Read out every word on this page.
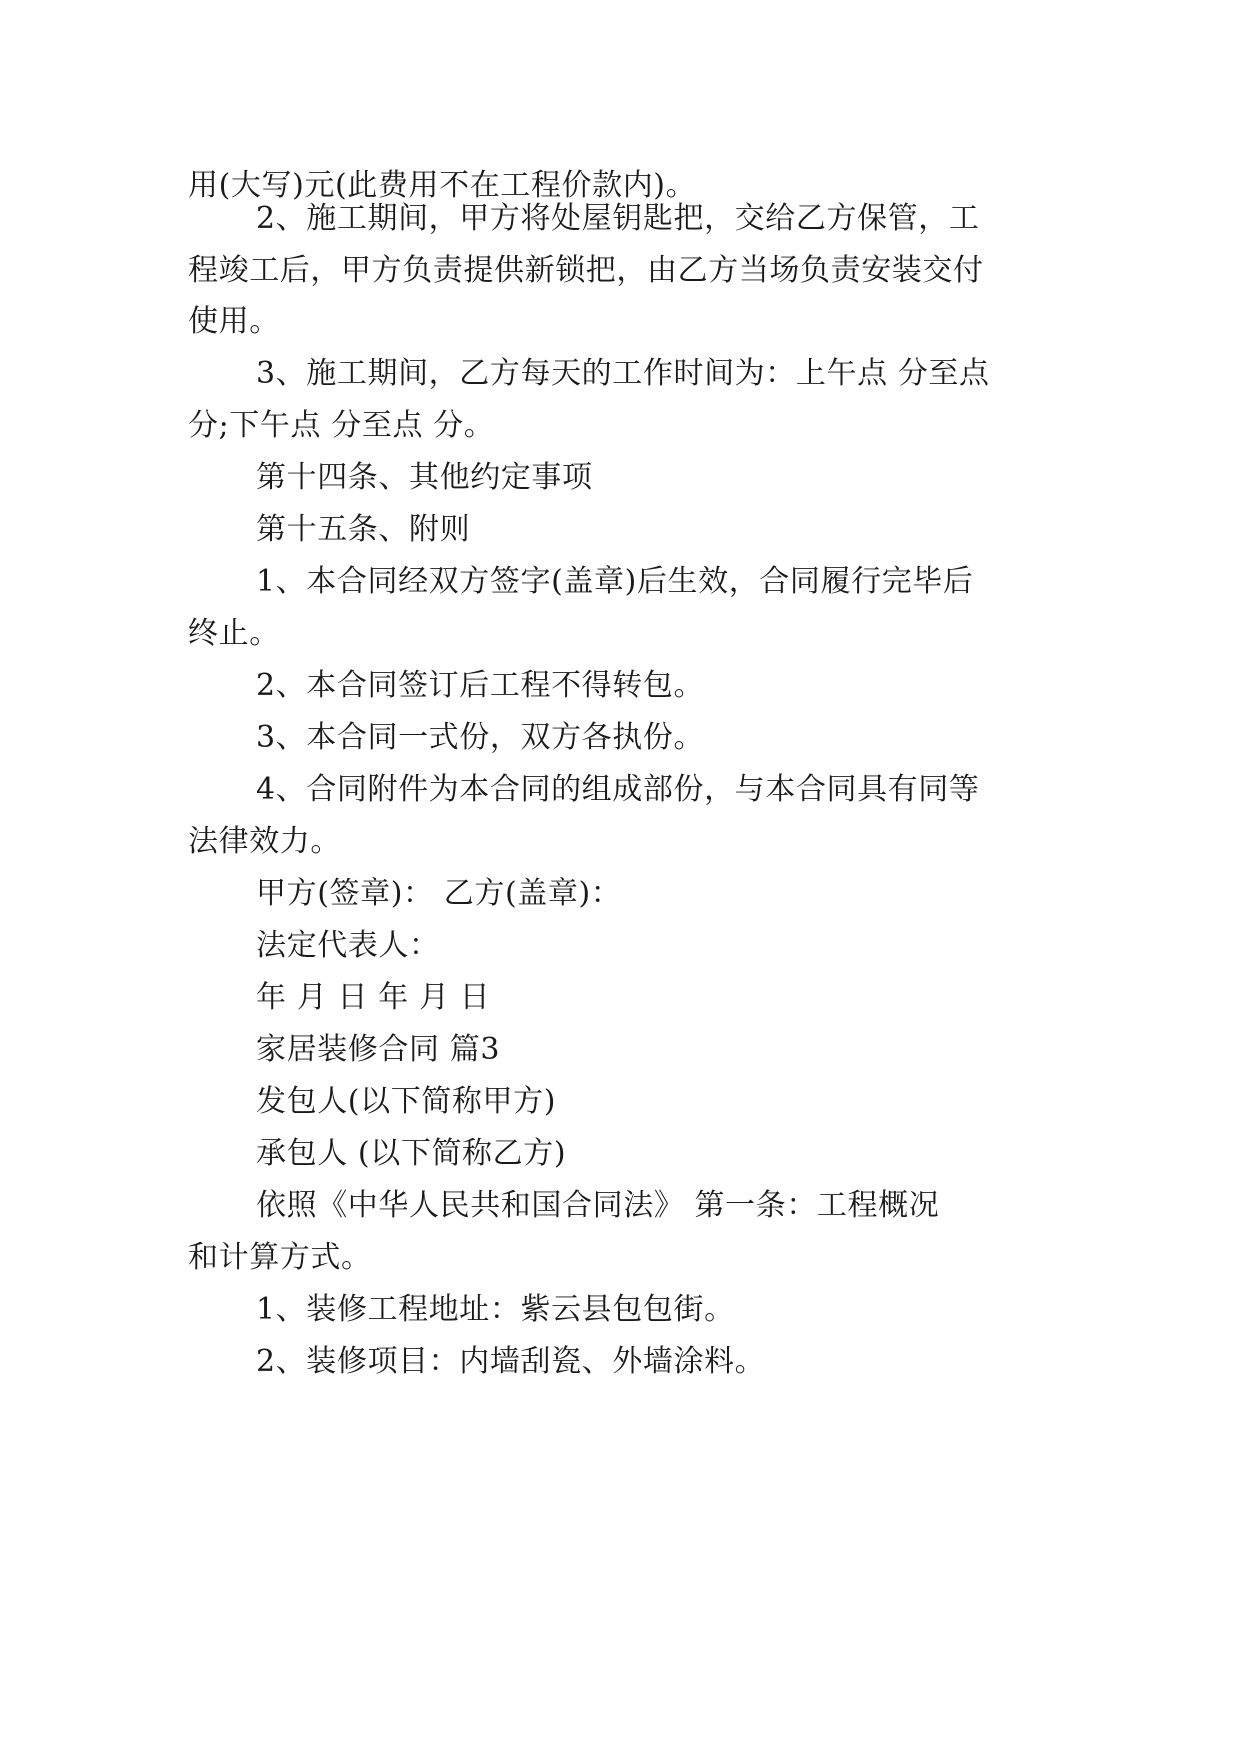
用(大写)元(此费用不在工程价款内)。
2、施工期间，甲方将处屋钥匙把，交给乙方保管，工
程竣工后，甲方负责提供新锁把，由乙方当场负责安装交付
使用。
3、施工期间，乙方每天的工作时间为：上午点 分至点
分;下午点 分至点 分。
第十四条、其他约定事项
第十五条、附则
1、本合同经双方签字(盖章)后生效，合同履行完毕后
终止。
2、本合同签订后工程不得转包。
3、本合同一式份，双方各执份。
4、合同附件为本合同的组成部份，与本合同具有同等
法律效力。
甲方(签章)： 乙方(盖章)：
法定代表人：
年 月 日 年 月 日
家居装修合同 篇3
发包人(以下简称甲方)
承包人 (以下简称乙方)
依照《中华人民共和国合同法》 第一条：工程概况
和计算方式。
1、装修工程地址：紫云县包包街。
2、装修项目：内墙刮瓷、外墙涂料。
